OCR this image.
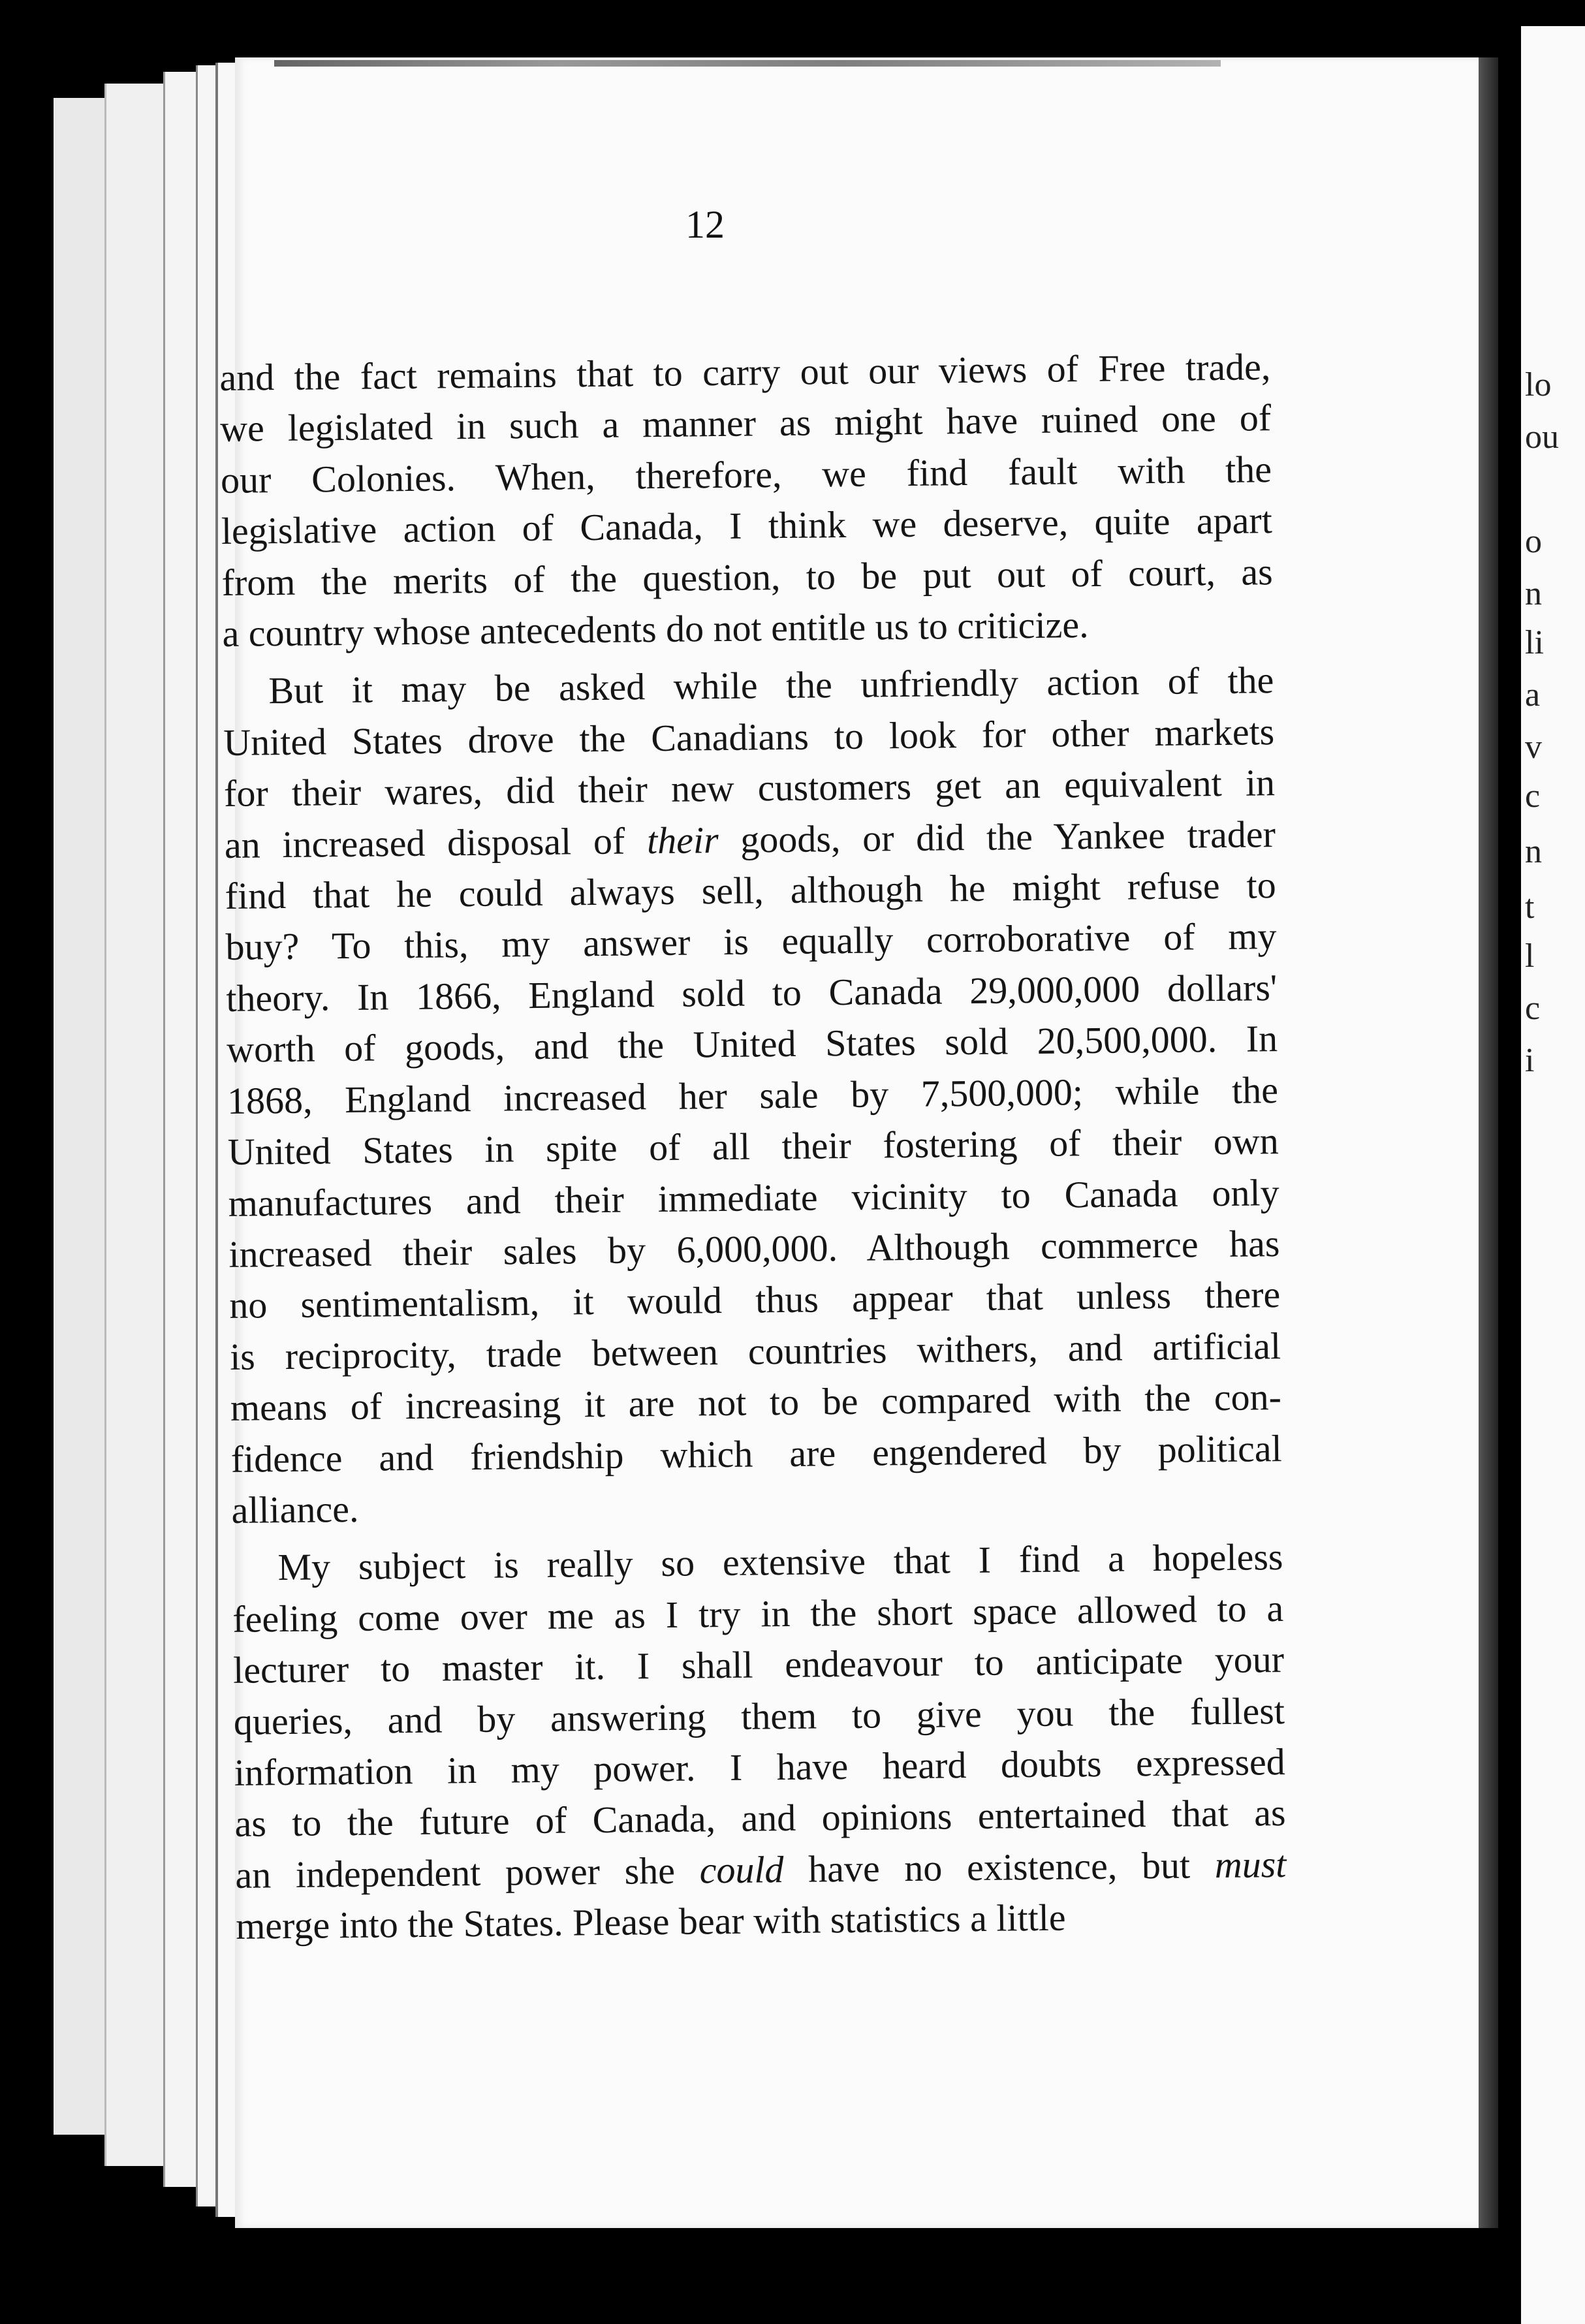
12
and the fact remains that to carry out our views of Free trade,
we legislated in such a manner as might have ruined one of
our Colonies. When, therefore, we find fault with the
legislative action of Canada, I think we deserve, quite apart
from the merits of the question, to be put out of court, as
a country whose antecedents do not entitle us to criticize.
But it may be asked while the unfriendly action of the
United States drove the Canadians to look for other markets
for their wares, did their new customers get an equivalent in
an increased disposal of their goods, or did the Yankee trader
find that he could always sell, although he might refuse to
buy? To this, my answer is equally corroborative of my
theory. In 1866, England sold to Canada 29,000,000 dollars'
worth of goods, and the United States sold 20,500,000. In
1868, England increased her sale by 7,500,000; while the
United States in spite of all their fostering of their own
manufactures and their immediate vicinity to Canada only
increased their sales by 6,000,000. Although commerce has
no sentimentalism, it would thus appear that unless there
is reciprocity, trade between countries withers, and artificial
means of increasing it are not to be compared with the con-
fidence and friendship which are engendered by political
alliance.
My subject is really so extensive that I find a hopeless
feeling come over me as I try in the short space allowed to a
lecturer to master it. I shall endeavour to anticipate your
queries, and by answering them to give you the fullest
information in my power. I have heard doubts expressed
as to the future of Canada, and opinions entertained that as
an independent power she could have no existence, but must
merge into the States. Please bear with statistics a little
lo
ou
o
n
li
a
v
c
n
t
l
c
i
